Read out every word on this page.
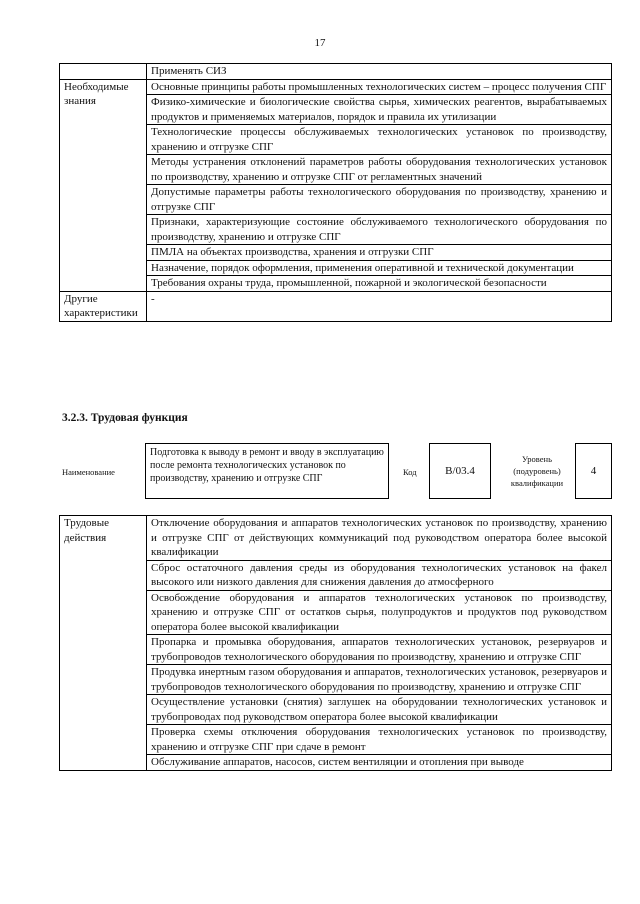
17
	Применять СИЗ
Необходимые знания	Основные принципы работы промышленных технологических систем – процесс получения СПГ
	Физико-химические и биологические свойства сырья, химических реагентов, вырабатываемых продуктов и применяемых материалов, порядок и правила их утилизации
	Технологические процессы обслуживаемых технологических установок по производству, хранению и отгрузке СПГ
	Методы устранения отклонений параметров работы оборудования технологических установок по производству, хранению и отгрузке СПГ от регламентных значений
	Допустимые параметры работы технологического оборудования по производству, хранению и отгрузке СПГ
	Признаки, характеризующие состояние обслуживаемого технологического оборудования по производству, хранению и отгрузке СПГ
	ПМЛА на объектах производства, хранения и отгрузки СПГ
	Назначение, порядок оформления, применения оперативной и технической документации
	Требования охраны труда, промышленной, пожарной и экологической безопасности
Другие характеристики	-
3.2.3. Трудовая функция
Наименование
Подготовка к выводу в ремонт и вводу в эксплуатацию после ремонта технологических установок по производству, хранению и отгрузке СПГ
Код	В/03.4
Уровень (подуровень) квалификации
4
Трудовые действия	Отключение оборудования и аппаратов технологических установок по производству, хранению и отгрузке СПГ от действующих коммуникаций под руководством оператора более высокой квалификации
Сброс остаточного давления среды из оборудования технологических установок на факел высокого или низкого давления для снижения давления до атмосферного
Освобождение оборудования и аппаратов технологических установок по производству, хранению и отгрузке СПГ от остатков сырья, полупродуктов и продуктов под руководством оператора более высокой квалификации
Пропарка и промывка оборудования, аппаратов технологических установок, резервуаров и трубопроводов технологического оборудования по производству, хранению и отгрузке СПГ
Продувка инертным газом оборудования и аппаратов, технологических установок, резервуаров и трубопроводов технологического оборудования по производству, хранению и отгрузке СПГ
Осуществление установки (снятия) заглушек на оборудовании технологических установок и трубопроводах под руководством оператора более высокой квалификации
Проверка схемы отключения оборудования технологических установок по производству, хранению и отгрузке СПГ при сдаче в ремонт
Обслуживание аппаратов, насосов, систем вентиляции и отопления при выводе
